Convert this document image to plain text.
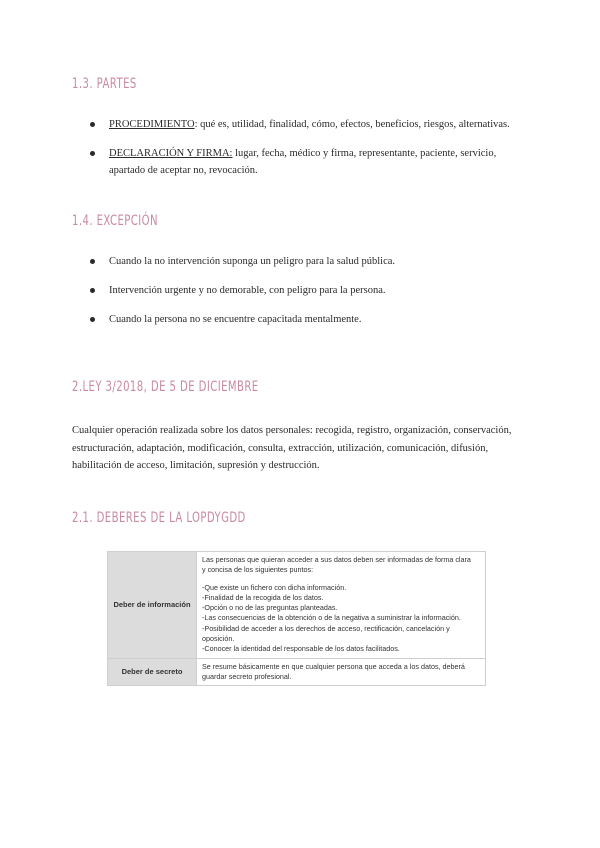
1.3. PARTES
PROCEDIMIENTO: qué es, utilidad, finalidad, cómo, efectos, beneficios, riesgos, alternativas.
DECLARACIÓN Y FIRMA: lugar, fecha, médico y firma, representante, paciente, servicio,
apartado de aceptar no, revocación.
1.4. EXCEPCIÓN
Cuando la no intervención suponga un peligro para la salud pública.
Intervención urgente y no demorable, con peligro para la persona.
Cuando la persona no se encuentre capacitada mentalmente.
2.LEY 3/2018, DE 5 DE DICIEMBRE

Cualquier operación realizada sobre los datos personales: recogida, registro, organización, conservación, estructuración, adaptación, modificación, consulta, extracción, utilización, comunicación, difusión, habilitación de acceso, limitación, supresión y destrucción.

2.1. DEBERES DE LA LOPDYGDD
Deber de información

Las personas que quieran acceder a sus datos deben ser informadas de forma clara

y concisa de los siguientes puntos:

-Que existe un fichero con dicha información.

-Finalidad de la recogida de los datos.

-Opción o no de las preguntas planteadas.

-Las consecuencias de la obtención o de la negativa a suministrar la información.

-Posibilidad de acceder a los derechos de acceso, rectificación, cancelación y

oposición.

-Conocer la identidad del responsable de los datos facilitados.

Deber de secreto

Se resume básicamente en que cualquier persona que acceda a los datos, deberá

guardar secreto profesional.
